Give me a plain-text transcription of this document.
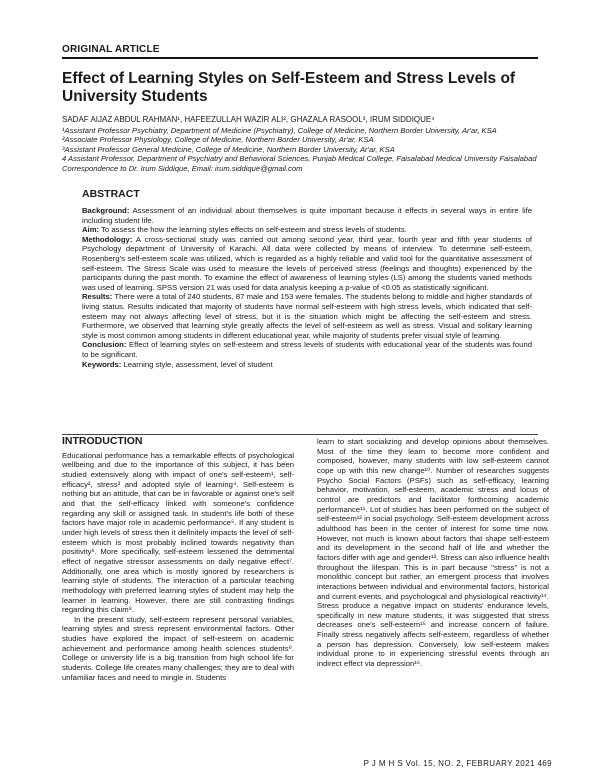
ORIGINAL ARTICLE
Effect of Learning Styles on Self-Esteem and Stress Levels of University Students
SADAF AIJAZ ABDUL RAHMAN¹, HAFEEZULLAH WAZIR ALI², GHAZALA RASOOL³, IRUM SIDDIQUE⁴
¹Assistant Professor Psychiatry, Department of Medicine (Psychiatry), College of Medicine, Northern Border University, Ar'ar, KSA
²Associate Professor Physiology, College of Medicine, Northern Border University, Ar'ar, KSA
³Assistant Professor General Medicine, College of Medicine, Northern Border University, Ar'ar, KSA
4 Assistant Professor, Department of Psychiatry and Behavioral Sciences, Punjab Medical College, Faisalabad Medical University Faisalabad
Correspondence to Dr. Irum Siddique, Email: irum.siddique@gmail.com
ABSTRACT

Background: Assessment of an individual about themselves is quite important because it effects in several ways in entire life including student life.

Aim: To assess the how the learning styles effects on self-esteem and stress levels of students.

Methodology: A cross-sectional study was carried out among second year, third year, fourth year and fifth year students of Psychology department of University of Karachi. All data were collected by means of interview. To determine self-esteem, Rosenberg's self-esteem scale was utilized, which is regarded as a highly reliable and valid tool for the quantitative assessment of self-esteem. The Stress Scale was used to measure the levels of perceived stress (feelings and thoughts) experienced by the participants during the past month. To examine the effect of awareness of learning styles (LS) among the students varied methods was used of learning. SPSS version 21 was used for data analysis keeping a p-value of <0.05 as statistically significant.

Results: There were a total of 240 students, 87 male and 153 were females. The students belong to middle and higher standards of living status. Results indicated that majority of students have normal self-esteem with high stress levels, which indicated that self-esteem may not always affecting level of stress, but it is the situation which might be affecting the self-esteem and stress. Furthermore, we observed that learning style greatly affects the level of self-esteem as well as stress. Visual and solitary learning style is most common among students in different educational year, while majority of students prefer visual style of learning.

Conclusion: Effect of learning styles on self-esteem and stress levels of students with educational year of the students was found to be significant.

Keywords: Learning style, assessment, level of student

INTRODUCTION

Educational performance has a remarkable effects of psychological wellbeing and due to the importance of this subject, it has been studied extensively along with impact of one's self-esteem¹, self-efficacy², stress³ and adopted style of learning⁴. Self-esteem is nothing but an attitude, that can be in favorable or against one's self and that the self-efficacy linked with someone's confidence regarding any skill or assigned task. In student's life both of these factors have major role in academic performance⁵. If any student is under high levels of stress then it definitely impacts the level of self-esteem which is most probably inclined towards negativity than positivity⁶. More specifically, self-esteem lessened the detrimental effect of negative stressor assessments on daily negative effect⁷. Additionally, one area which is mostly ignored by researchers is learning style of students. The interaction of a particular teaching methodology with preferred learning styles of student may help the learner in learning. However, there are still contrasting findings regarding this claim⁸.

In the present study, self-esteem represent personal variables, learning styles and stress represent environmental factors. Other studies have explored the impact of self-esteem on academic achievement and performance among health sciences students⁹. College or university life is a big transition from high school life for students. College life creates many challenges; they are to deal with unfamiliar faces and need to mingle in. Students

learn to start socializing and develop opinions about themselves. Most of the time they learn to become more confident and composed, however, many students with low self-esteem cannot cope up with this new change¹⁰. Number of researches suggests Psycho Social Factors (PSFs) such as self-efficacy, learning behavior, motivation, self-esteem, academic stress and locus of control are predictors and facilitator forthcoming academic performance¹¹. Lot of studies has been performed on the subject of self-esteem¹² in social psychology. Self-esteem development across adulthood has been in the center of interest for some time now. However, not much is known about factors that shape self-esteem and its development in the second half of life and whether the factors differ with age and gender¹³. Stress can also influence health throughout the lifespan. This is in part because "stress" is not a monolithic concept but rather, an emergent process that involves interactions between individual and environmental factors, historical and current events, and psychological and physiological reactivity¹⁴. Stress produce a negative impact on students' endurance levels, specifically in new mature students, it was suggested that stress decreases one's self-esteem¹⁵ and increase concern of failure. Finally stress negatively affects self-esteem, regardless of whether a person has depression. Conversely, low self-esteem makes individual prone to in experiencing stressful events through an indirect effect via depression¹⁶.

P J M H S Vol. 15, NO. 2, FEBRUARY 2021 469
